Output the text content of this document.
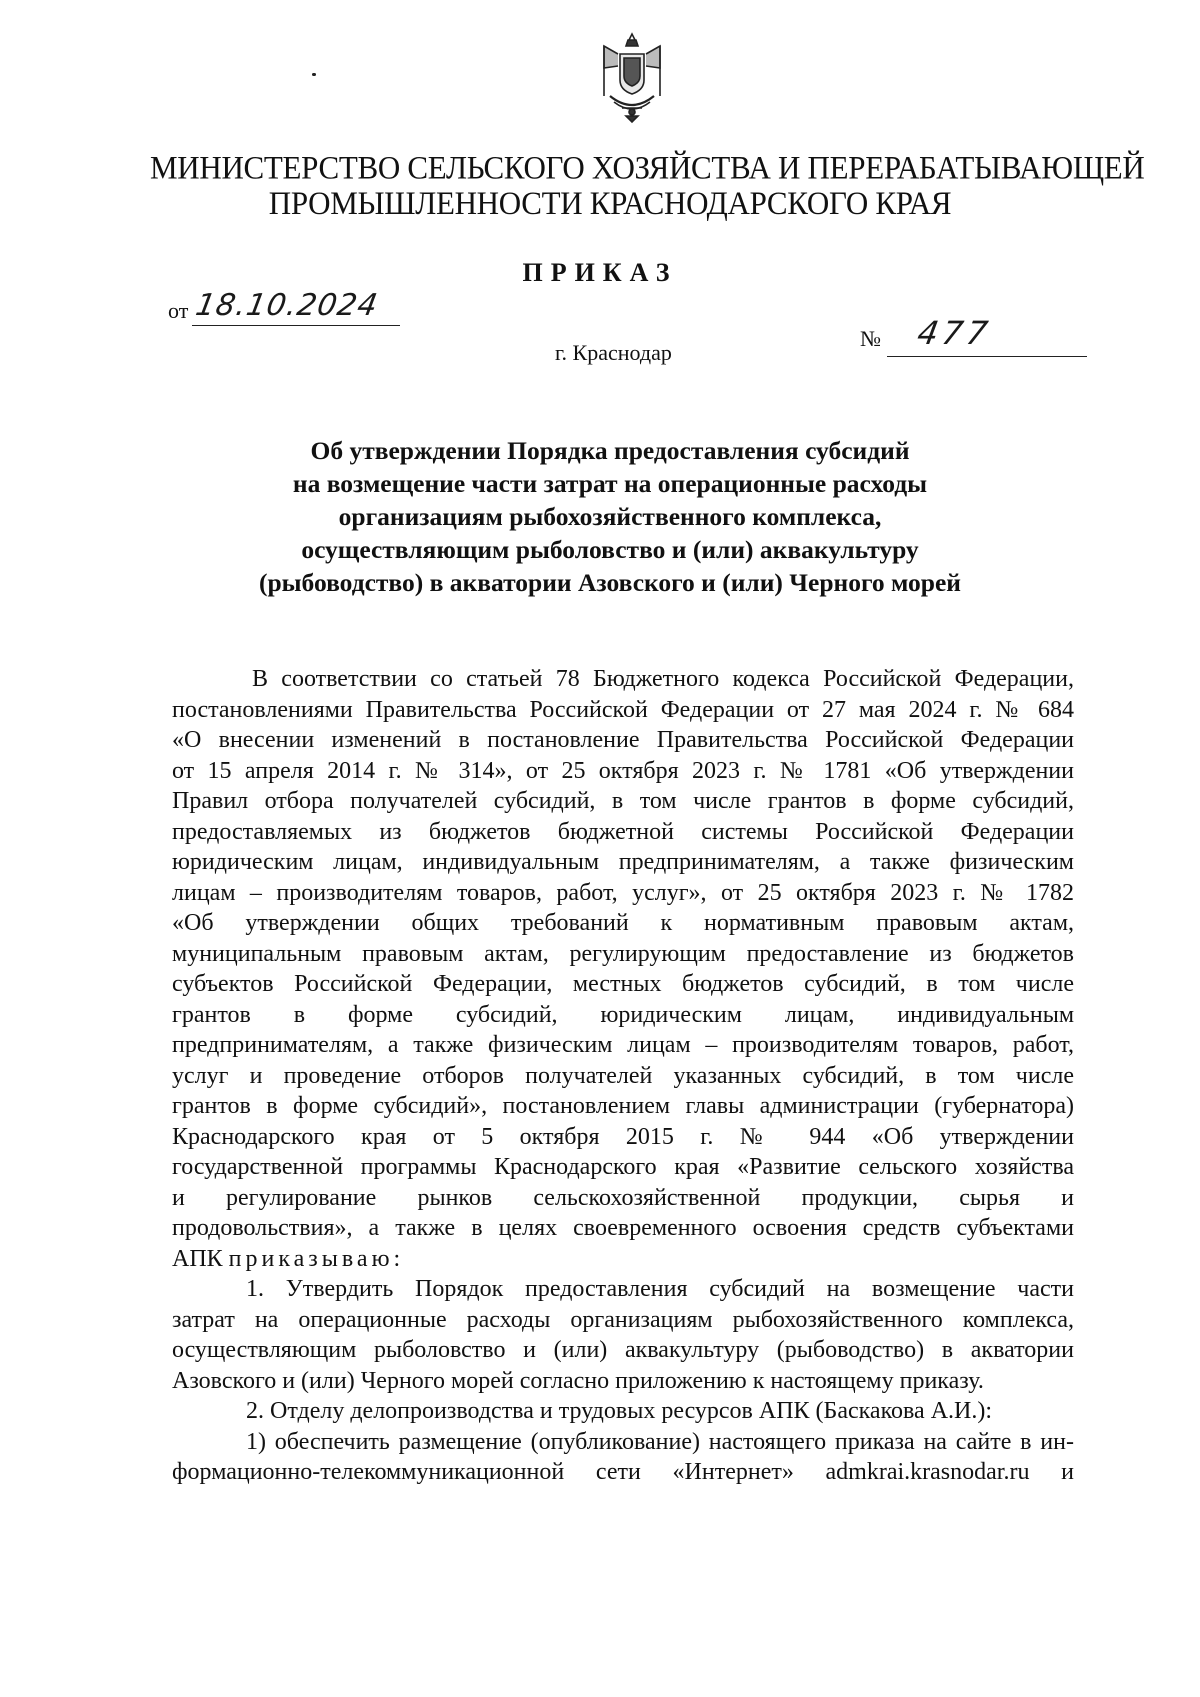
МИНИСТЕРСТВО СЕЛЬСКОГО ХОЗЯЙСТВА И ПЕРЕРАБАТЫВАЮЩЕЙ
ПРОМЫШЛЕННОСТИ КРАСНОДАРСКОГО КРАЯ
ПРИКАЗ
от 18.10.2024
г. Краснодар
№ 477
Об утверждении Порядка предоставления субсидий
на возмещение части затрат на операционные расходы
организациям рыбохозяйственного комплекса,
осуществляющим рыболовство и (или) аквакультуру
(рыбоводство) в акватории Азовского и (или) Черного морей
В соответствии со статьей 78 Бюджетного кодекса Российской Федерации,
постановлениями Правительства Российской Федерации от 27 мая 2024 г. № 684
«О внесении изменений в постановление Правительства Российской Федерации
от 15 апреля 2014 г. № 314», от 25 октября 2023 г. № 1781 «Об утверждении
Правил отбора получателей субсидий, в том числе грантов в форме субсидий,
предоставляемых из бюджетов бюджетной системы Российской Федерации
юридическим лицам, индивидуальным предпринимателям, а также физическим
лицам – производителям товаров, работ, услуг», от 25 октября 2023 г. № 1782
«Об утверждении общих требований к нормативным правовым актам,
муниципальным правовым актам, регулирующим предоставление из бюджетов
субъектов Российской Федерации, местных бюджетов субсидий, в том числе
грантов в форме субсидий, юридическим лицам, индивидуальным
предпринимателям, а также физическим лицам – производителям товаров, работ,
услуг и проведение отборов получателей указанных субсидий, в том числе
грантов в форме субсидий», постановлением главы администрации (губернатора)
Краснодарского края от 5 октября 2015 г. № 944 «Об утверждении
государственной программы Краснодарского края «Развитие сельского хозяйства
и регулирование рынков сельскохозяйственной продукции, сырья и
продовольствия», а также в целях своевременного освоения средств субъектами
АПК приказываю:
1. Утвердить Порядок предоставления субсидий на возмещение части
затрат на операционные расходы организациям рыбохозяйственного комплекса,
осуществляющим рыболовство и (или) аквакультуру (рыбоводство) в акватории
Азовского и (или) Черного морей согласно приложению к настоящему приказу.
2. Отделу делопроизводства и трудовых ресурсов АПК (Баскакова А.И.):
1) обеспечить размещение (опубликование) настоящего приказа на сайте в ин-
формационно-телекоммуникационной сети «Интернет» admkrai.krasnodar.ru и
